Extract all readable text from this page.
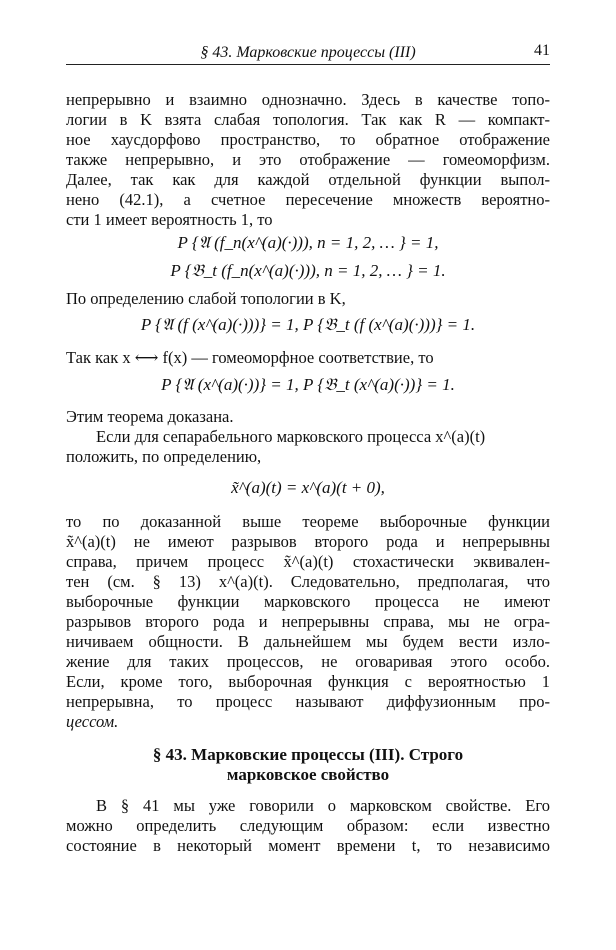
§ 43. Марковские процессы (III)	41
непрерывно и взаимно однозначно. Здесь в качестве топо-
логии в K взята слабая топология. Так как R — компакт-
ное хаусдорфово пространство, то обратное отображение
также непрерывно, и это отображение — гомеоморфизм.
Далее, так как для каждой отдельной функции выпол-
нено (42.1), а счетное пересечение множеств вероятно-
сти 1 имеет вероятность 1, то
P {𝔄 (f_n(x^(a)(·))), n = 1, 2, … } = 1,
P {𝔅_t (f_n(x^(a)(·))), n = 1, 2, … } = 1.
По определению слабой топологии в K,
P {𝔄 (f (x^(a)(·)))} = 1, P {𝔅_t (f (x^(a)(·)))} = 1.
Так как x ⟷ f(x) — гомеоморфное соответствие, то
P {𝔄 (x^(a)(·))} = 1, P {𝔅_t (x^(a)(·))} = 1.
Этим теорема доказана.
Если для сепарабельного марковского процесса x^(a)(t)
положить, по определению,
x̃^(a)(t) = x^(a)(t + 0),
то по доказанной выше теореме выборочные функции
x̃^(a)(t) не имеют разрывов второго рода и непрерывны
справа, причем процесс x̃^(a)(t) стохастически эквивален-
тен (см. § 13) x^(a)(t). Следовательно, предполагая, что
выборочные функции марковского процесса не имеют
разрывов второго рода и непрерывны справа, мы не огра-
ничиваем общности. В дальнейшем мы будем вести изло-
жение для таких процессов, не оговаривая этого особо.
Если, кроме того, выборочная функция с вероятностью 1
непрерывна, то процесс называют диффузионным про-
цессом.
§ 43. Марковские процессы (III). Строго
марковское свойство
В § 41 мы уже говорили о марковском свойстве. Его
можно определить следующим образом: если известно
состояние в некоторый момент времени t, то независимо
